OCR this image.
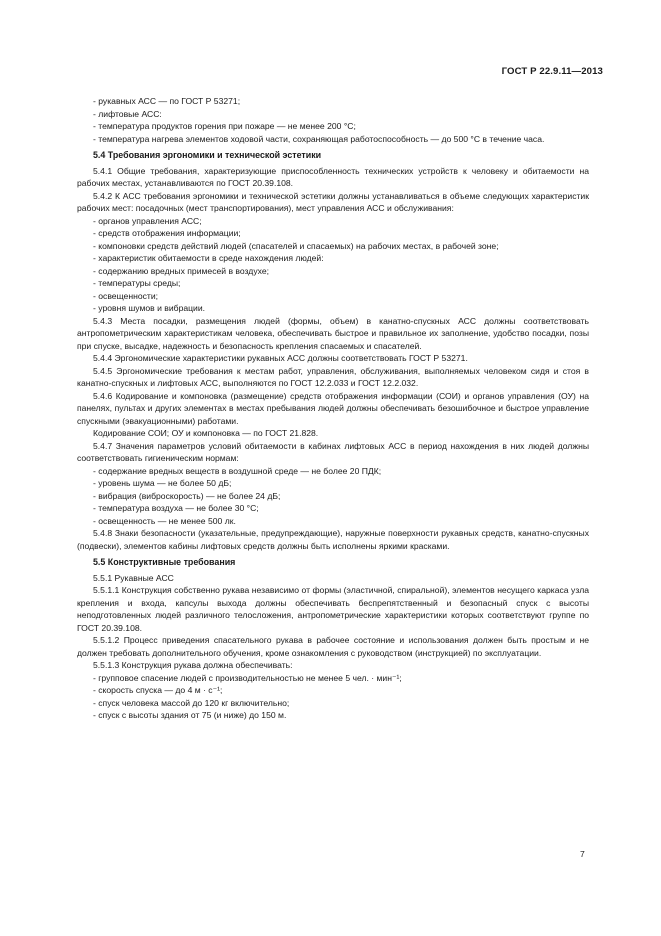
ГОСТ Р 22.9.11—2013

- рукавных АСС — по ГОСТ Р 53271;

- лифтовые АСС:

- температура продуктов горения при пожаре — не менее 200 °С;

- температура нагрева элементов ходовой части, сохраняющая работоспособность — до 500 °С в течение часа.

5.4 Требования эргономики и технической эстетики

5.4.1 Общие требования, характеризующие приспособленность технических устройств к человеку и обитаемости на рабочих местах, устанавливаются по ГОСТ 20.39.108.

5.4.2 К АСС требования эргономики и технической эстетики должны устанавливаться в объеме следующих характеристик рабочих мест: посадочных (мест транспортирования), мест управления АСС и обслуживания:

- органов управления АСС;

- средств отображения информации;

- компоновки средств действий людей (спасателей и спасаемых) на рабочих местах, в рабочей зоне;

- характеристик обитаемости в среде нахождения людей:

- содержанию вредных примесей в воздухе;

- температуры среды;

- освещенности;

- уровня шумов и вибрации.

5.4.3 Места посадки, размещения людей (формы, объем) в канатно-спускных АСС должны соответствовать антропометрическим характеристикам человека, обеспечивать быстрое и правильное их заполнение, удобство посадки, позы при спуске, высадке, надежность и безопасность крепления спасаемых и спасателей.

5.4.4 Эргономические характеристики рукавных АСС должны соответствовать ГОСТ Р 53271.

5.4.5 Эргономические требования к местам работ, управления, обслуживания, выполняемых человеком сидя и стоя в канатно-спускных и лифтовых АСС, выполняются по ГОСТ 12.2.033 и ГОСТ 12.2.032.

5.4.6 Кодирование и компоновка (размещение) средств отображения информации (СОИ) и органов управления (ОУ) на панелях, пультах и других элементах в местах пребывания людей должны обеспечивать безошибочное и быстрое управление спускными (эвакуационными) работами.

Кодирование СОИ; ОУ и компоновка — по ГОСТ 21.828.

5.4.7 Значения параметров условий обитаемости в кабинах лифтовых АСС в период нахождения в них людей должны соответствовать гигиеническим нормам:

- содержание вредных веществ в воздушной среде — не более 20 ПДК;

- уровень шума — не более 50 дБ;

- вибрация (виброскорость) — не более 24 дБ;

- температура воздуха — не более 30 °С;

- освещенность — не менее 500 лк.

5.4.8 Знаки безопасности (указательные, предупреждающие), наружные поверхности рукавных средств, канатно-спускных (подвески), элементов кабины лифтовых средств должны быть исполнены яркими красками.

5.5 Конструктивные требования

5.5.1 Рукавные АСС

5.5.1.1 Конструкция собственно рукава независимо от формы (эластичной, спиральной), элементов несущего каркаса узла крепления и входа, капсулы выхода должны обеспечивать беспрепятственный и безопасный спуск с высоты неподготовленных людей различного телосложения, антропометрические характеристики которых соответствуют группе по ГОСТ 20.39.108.

5.5.1.2 Процесс приведения спасательного рукава в рабочее состояние и использования должен быть простым и не должен требовать дополнительного обучения, кроме ознакомления с руководством (инструкцией) по эксплуатации.

5.5.1.3 Конструкция рукава должна обеспечивать:

- групповое спасение людей с производительностью не менее 5 чел. · мин⁻¹;

- скорость спуска — до 4 м · с⁻¹;

- спуск человека массой до 120 кг включительно;

- спуск с высоты здания от 75 (и ниже) до 150 м.

7
